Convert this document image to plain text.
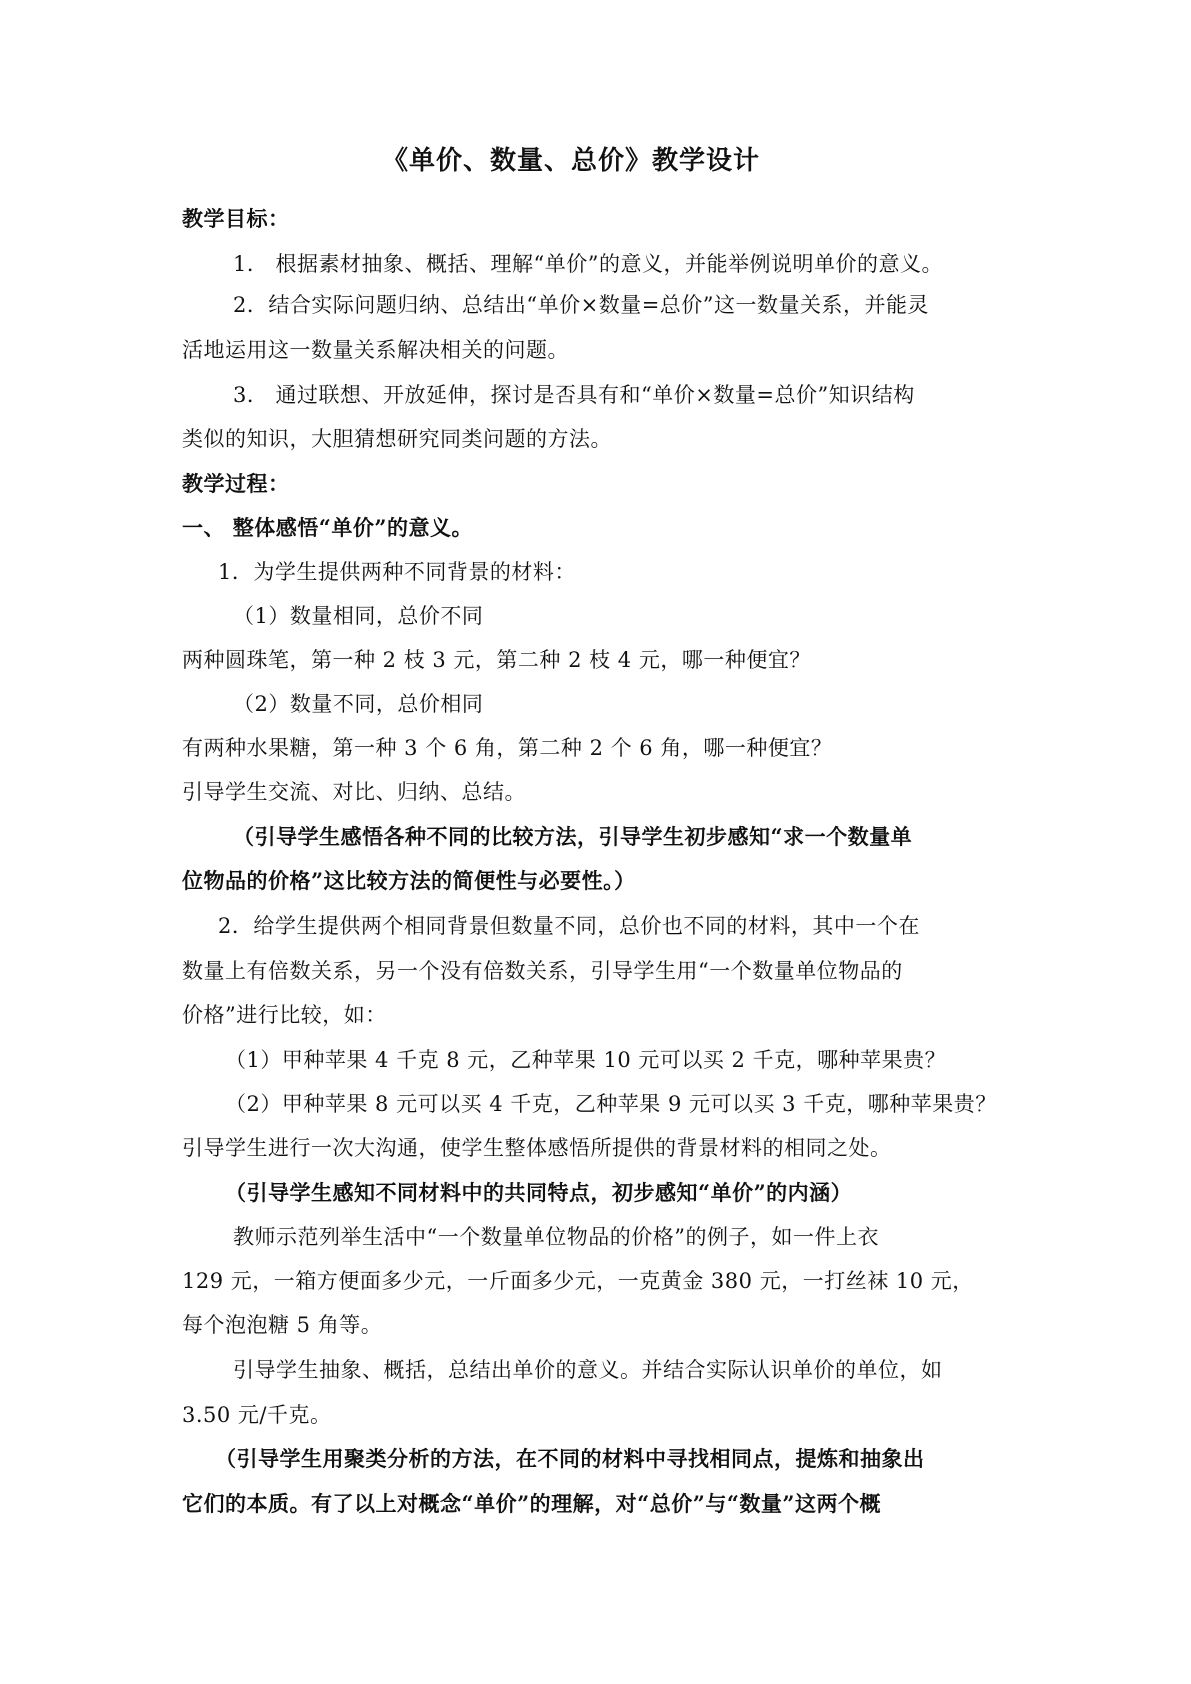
《单价、数量、总价》教学设计
教学目标：
1． 根据素材抽象、概括、理解“单价”的意义，并能举例说明单价的意义。
2．结合实际问题归纳、总结出“单价×数量=总价”这一数量关系，并能灵
活地运用这一数量关系解决相关的问题。
3． 通过联想、开放延伸，探讨是否具有和“单价×数量=总价”知识结构
类似的知识，大胆猜想研究同类问题的方法。
教学过程：
一、 整体感悟“单价”的意义。
1．为学生提供两种不同背景的材料：
（1）数量相同，总价不同
两种圆珠笔，第一种 2 枝 3 元，第二种 2 枝 4 元，哪一种便宜？
（2）数量不同，总价相同
有两种水果糖，第一种 3 个 6 角，第二种 2 个 6 角，哪一种便宜？
引导学生交流、对比、归纳、总结。
（引导学生感悟各种不同的比较方法，引导学生初步感知“求一个数量单
位物品的价格”这比较方法的简便性与必要性。）
2．给学生提供两个相同背景但数量不同，总价也不同的材料，其中一个在
数量上有倍数关系，另一个没有倍数关系，引导学生用“一个数量单位物品的
价格”进行比较，如：
（1）甲种苹果 4 千克 8 元，乙种苹果 10 元可以买 2 千克，哪种苹果贵？
（2）甲种苹果 8 元可以买 4 千克，乙种苹果 9 元可以买 3 千克，哪种苹果贵？
引导学生进行一次大沟通，使学生整体感悟所提供的背景材料的相同之处。
（引导学生感知不同材料中的共同特点，初步感知“单价”的内涵）
教师示范列举生活中“一个数量单位物品的价格”的例子，如一件上衣
129 元，一箱方便面多少元，一斤面多少元，一克黄金 380 元，一打丝袜 10 元，
每个泡泡糖 5 角等。
引导学生抽象、概括，总结出单价的意义。并结合实际认识单价的单位，如
3.50 元/千克。
（引导学生用聚类分析的方法，在不同的材料中寻找相同点，提炼和抽象出
它们的本质。有了以上对概念“单价”的理解，对“总价”与“数量”这两个概
